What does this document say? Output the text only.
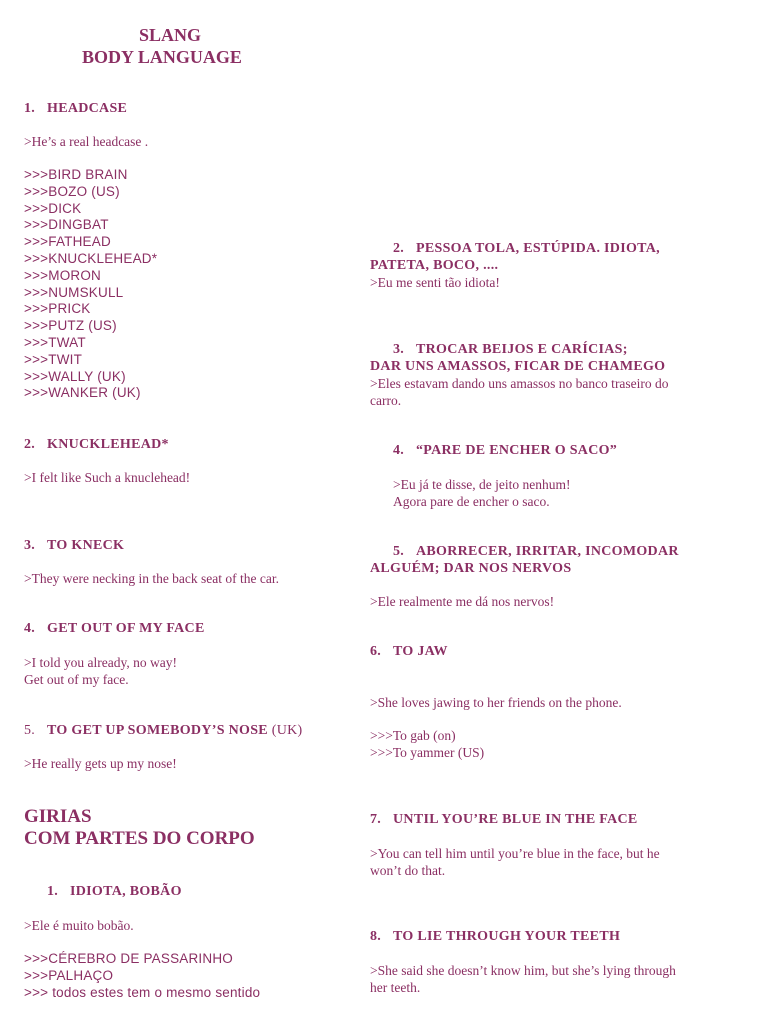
SLANG
BODY LANGUAGE
1. HEADCASE
>He’s a real headcase .
>>>BIRD BRAIN
>>>BOZO (US)
>>>DICK
>>>DINGBAT
>>>FATHEAD
>>>KNUCKLEHEAD*
>>>MORON
>>>NUMSKULL
>>>PRICK
>>>PUTZ (US)
>>>TWAT
>>>TWIT
>>>WALLY (UK)
>>>WANKER (UK)
2. KNUCKLEHEAD*
>I felt like Such a knuclehead!
3. TO KNECK
>They were necking in the back seat of the car.
4. GET OUT OF MY FACE
>I told you already, no way!
Get out of my face.
5. TO GET UP SOMEBODY’S NOSE (UK)
>He really gets up my nose!
GIRIAS
COM PARTES DO CORPO
1. IDIOTA, BOBÃO
>Ele é muito bobão.
>>>CÉREBRO DE PASSARINHO
>>>PALHAÇO
>>> todos estes tem o mesmo sentido
2. PESSOA TOLA, ESTÚPIDA. IDIOTA,
PATETA, BOCO, ....
>Eu me senti tão idiota!
3. TROCAR BEIJOS E CARÍCIAS;
DAR UNS AMASSOS, FICAR DE CHAMEGO
>Eles estavam dando uns amassos no banco traseiro do
carro.
4. “PARE DE ENCHER O SACO”
>Eu já te disse, de jeito nenhum!
Agora pare de encher o saco.
5. ABORRECER, IRRITAR, INCOMODAR
ALGUÉM; DAR NOS NERVOS
>Ele realmente me dá nos nervos!
6. TO JAW
>She loves jawing to her friends on the phone.
>>>To gab (on)
>>>To yammer (US)
7. UNTIL YOU’RE BLUE IN THE FACE
>You can tell him until you’re blue in the face, but he
won’t do that.
8. TO LIE THROUGH YOUR TEETH
>She said she doesn’t know him, but she’s lying through
her teeth.
